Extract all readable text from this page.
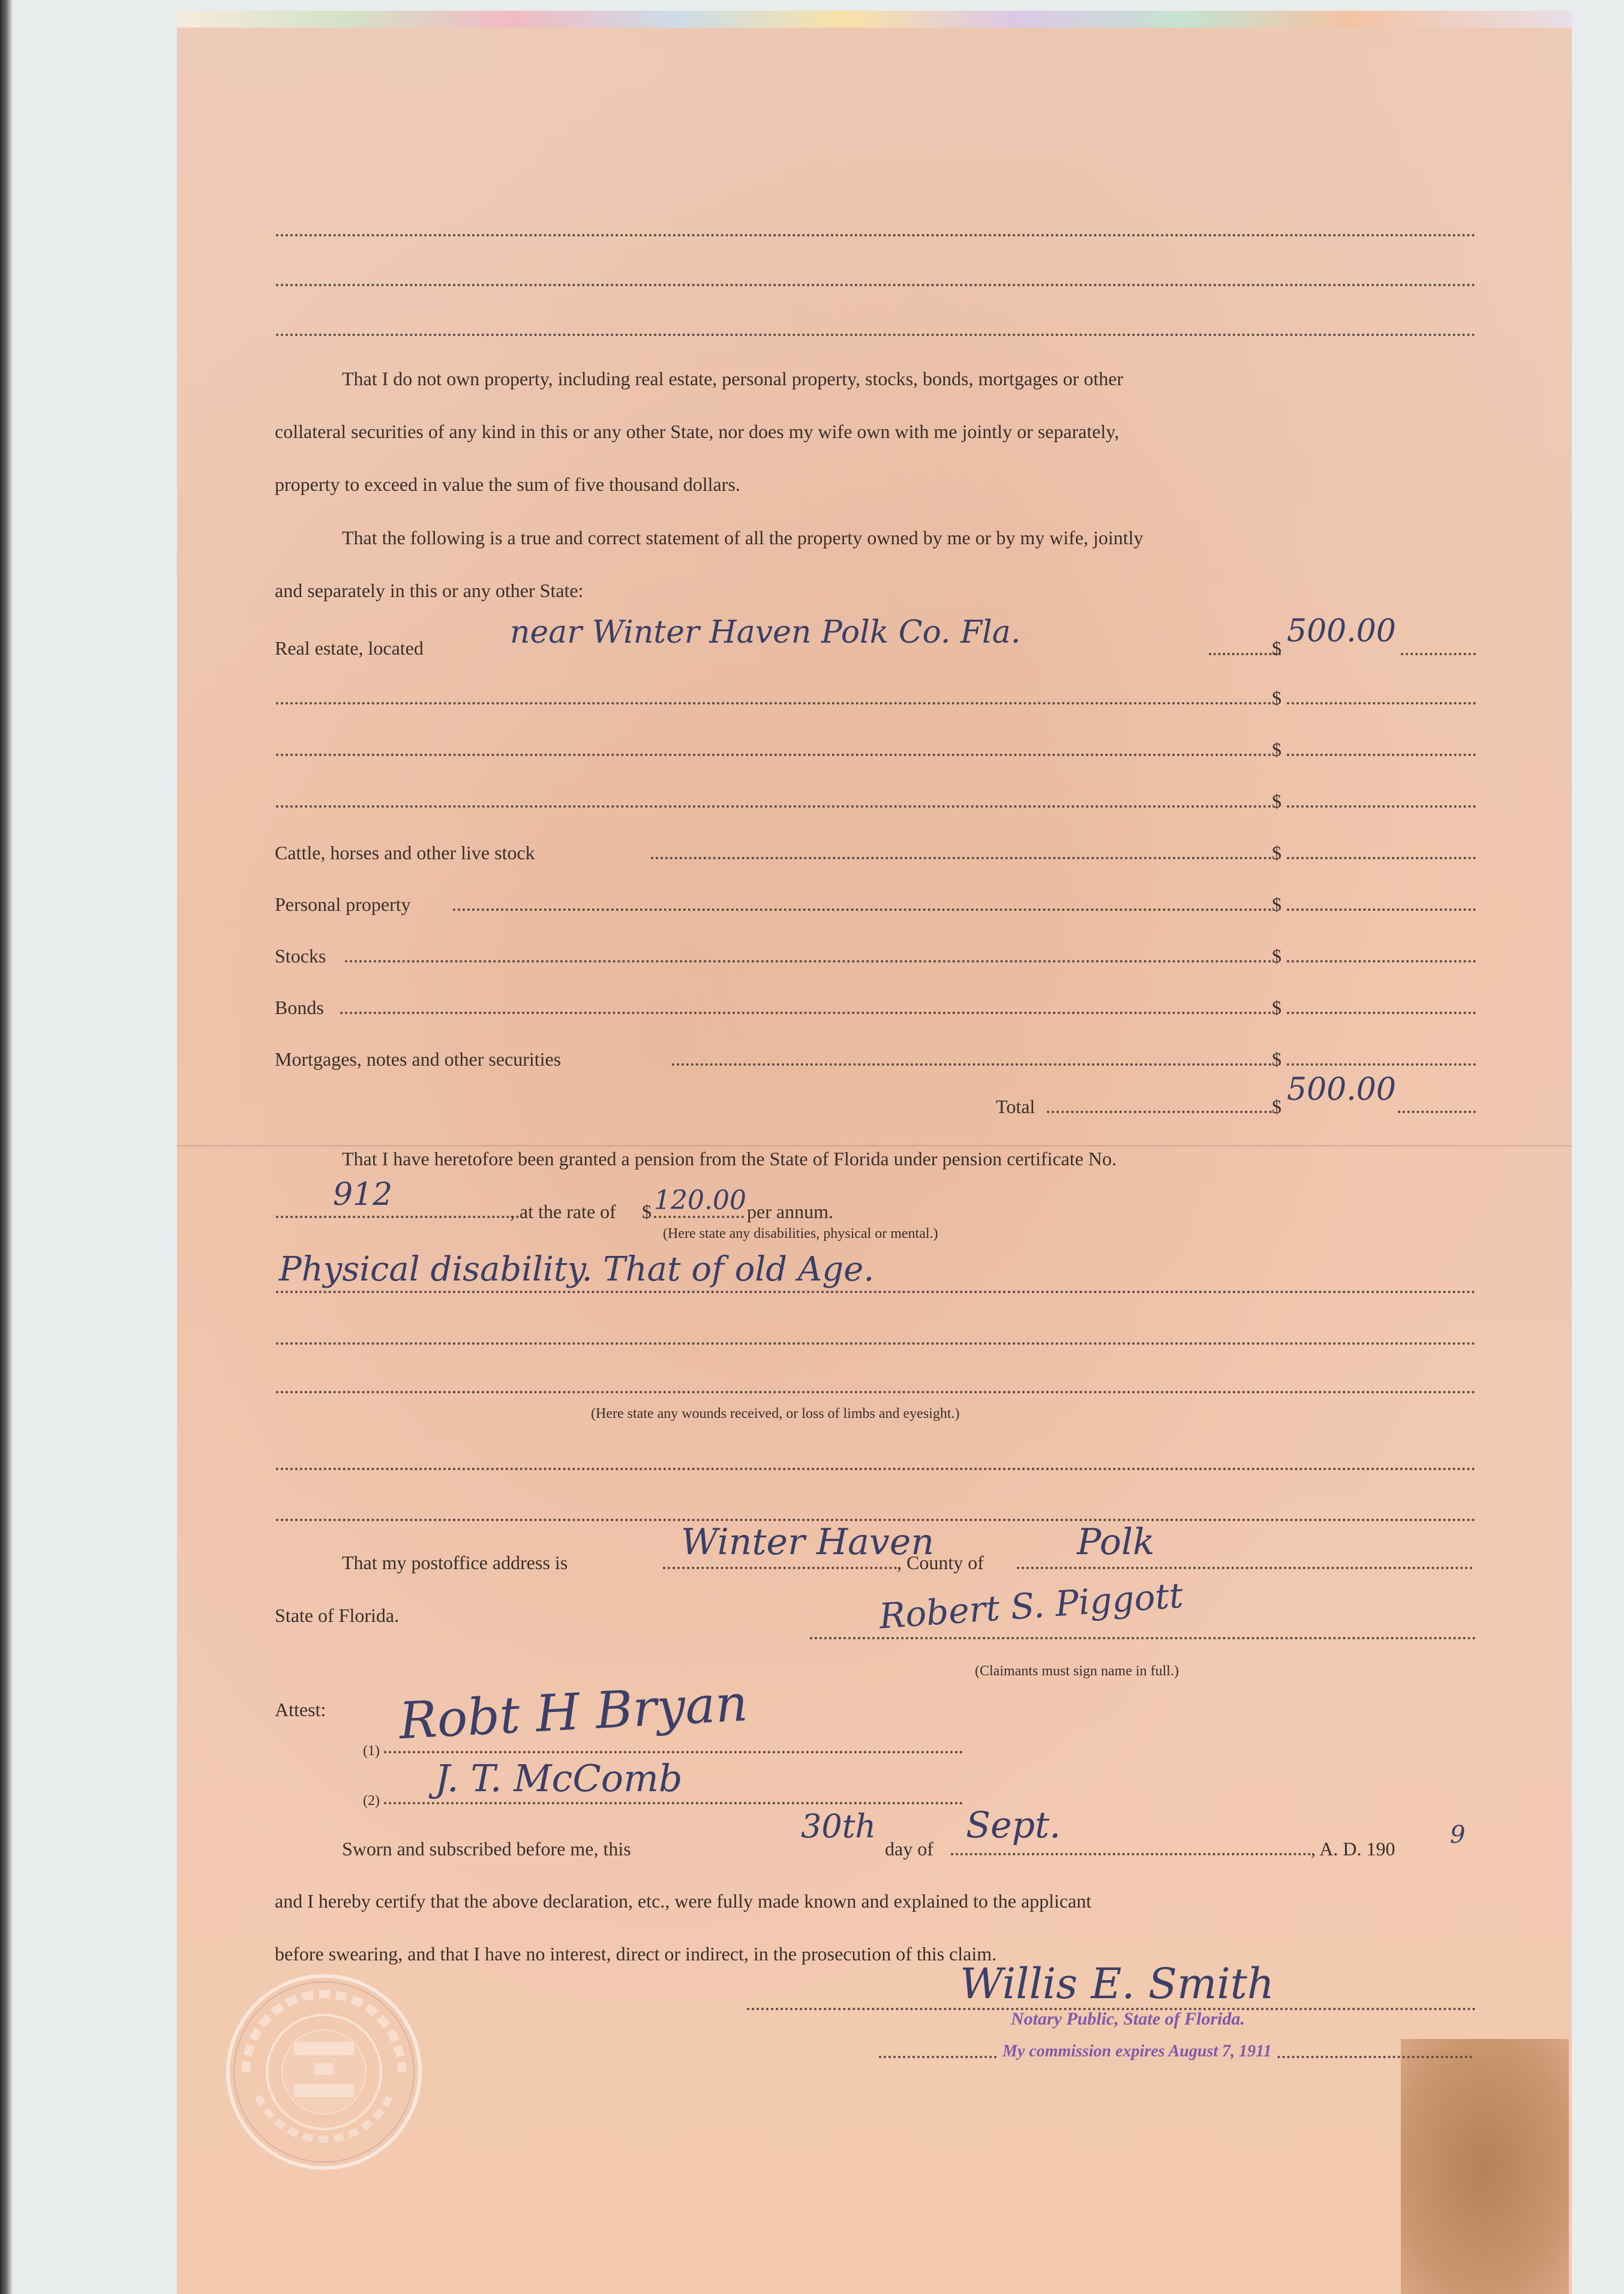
That I do not own property, including real estate, personal property, stocks, bonds, mortgages or other
collateral securities of any kind in this or any other State, nor does my wife own with me jointly or separately,
property to exceed in value the sum of five thousand dollars.
That the following is a true and correct statement of all the property owned by me or by my wife, jointly
and separately in this or any other State:
Real estate, located	near Winter Haven Polk Co. Fla.	$ 500.00
$
$
$
Cattle, horses and other live stock	$
Personal property	$
Stocks	$
Bonds	$
Mortgages, notes and other securities	$
Total	$ 500.00
That I have heretofore been granted a pension from the State of Florida under pension certificate No.
912	, at the rate of $ 120.00 per annum.
(Here state any disabilities, physical or mental.)
Physical disability. That of old Age.
(Here state any wounds received, or loss of limbs and eyesight.)
That my postoffice address is	Winter Haven
, County of	Polk
State of Florida.	Robert S. Piggott
(Claimants must sign name in full.)
Attest:
(1)
Robt H Bryan
(2)
J. T. McComb
Sworn and subscribed before me, this
30th
day of
Sept.
, A. D. 190 9
and I hereby certify that the above declaration, etc., were fully made known and explained to the applicant
before swearing, and that I have no interest, direct or indirect, in the prosecution of this claim.
Willis E. Smith
Notary Public, State of Florida.
My commission expires August 7, 1911
